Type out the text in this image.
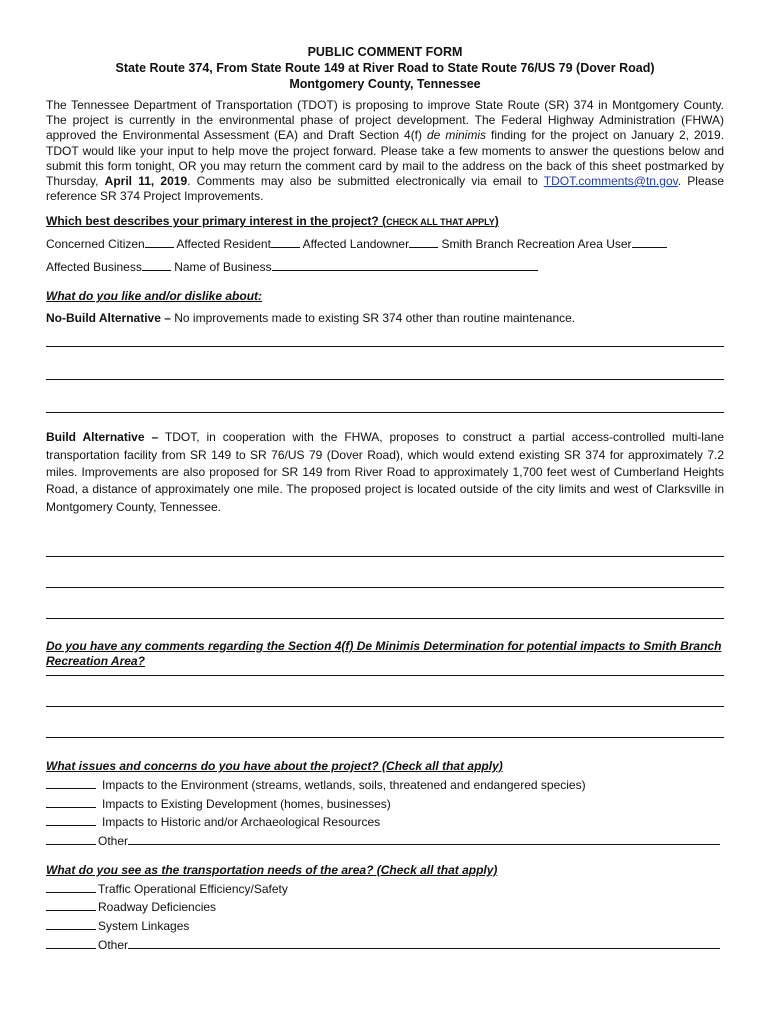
PUBLIC COMMENT FORM
State Route 374, From State Route 149 at River Road to State Route 76/US 79 (Dover Road)
Montgomery County, Tennessee
The Tennessee Department of Transportation (TDOT) is proposing to improve State Route (SR) 374 in Montgomery County. The project is currently in the environmental phase of project development. The Federal Highway Administration (FHWA) approved the Environmental Assessment (EA) and Draft Section 4(f) de minimis finding for the project on January 2, 2019. TDOT would like your input to help move the project forward. Please take a few moments to answer the questions below and submit this form tonight, OR you may return the comment card by mail to the address on the back of this sheet postmarked by Thursday, April 11, 2019. Comments may also be submitted electronically via email to TDOT.comments@tn.gov. Please reference SR 374 Project Improvements.
Which best describes your primary interest in the project? (CHECK ALL THAT APPLY)
Concerned Citizen	Affected Resident	Affected Landowner	Smith Branch Recreation Area User
Affected Business	Name of Business
What do you like and/or dislike about:
No-Build Alternative – No improvements made to existing SR 374 other than routine maintenance.
Build Alternative – TDOT, in cooperation with the FHWA, proposes to construct a partial access-controlled multi-lane transportation facility from SR 149 to SR 76/US 79 (Dover Road), which would extend existing SR 374 for approximately 7.2 miles. Improvements are also proposed for SR 149 from River Road to approximately 1,700 feet west of Cumberland Heights Road, a distance of approximately one mile. The proposed project is located outside of the city limits and west of Clarksville in Montgomery County, Tennessee.
Do you have any comments regarding the Section 4(f) De Minimis Determination for potential impacts to Smith Branch Recreation Area?
What issues and concerns do you have about the project? (Check all that apply)
Impacts to the Environment (streams, wetlands, soils, threatened and endangered species)
Impacts to Existing Development (homes, businesses)
Impacts to Historic and/or Archaeological Resources
Other
What do you see as the transportation needs of the area? (Check all that apply)
Traffic Operational Efficiency/Safety
Roadway Deficiencies
System Linkages
Other
